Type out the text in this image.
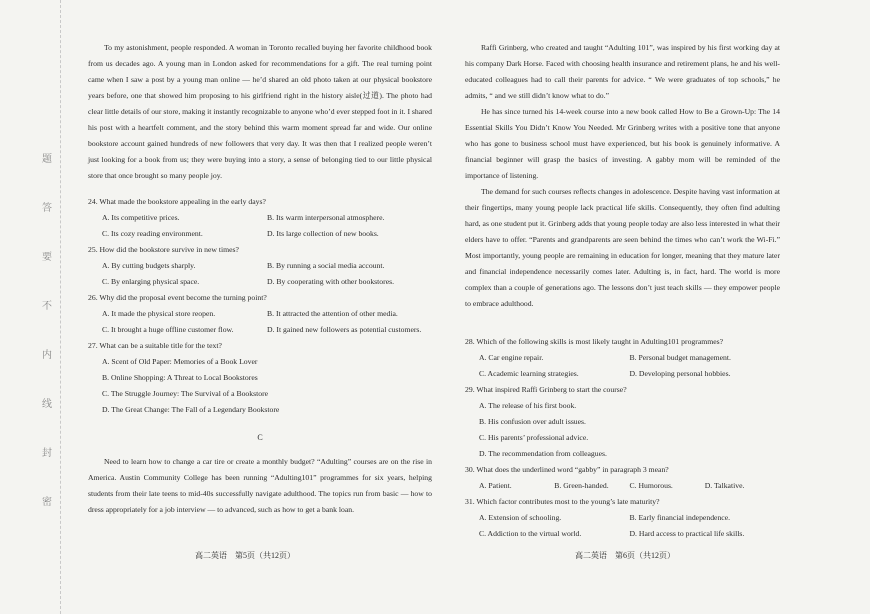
题
答
要
不
内
线
封
密

To my astonishment, people responded. A woman in Toronto recalled buying her favorite childhood book from us decades ago. A young man in London asked for recommendations for a gift. The real turning point came when I saw a post by a young man online — he’d shared an old photo taken at our physical bookstore years before, one that showed him proposing to his girlfriend right in the history aisle(过道). The photo had clear little details of our store, making it instantly recognizable to anyone who’d ever stepped foot in it. I shared his post with a heartfelt comment, and the story behind this warm moment spread far and wide. Our online bookstore account gained hundreds of new followers that very day. It was then that I realized people weren’t just looking for a book from us; they were buying into a story, a sense of belonging tied to our little physical store that once brought so many people joy.

24. What made the bookstore appealing in the early days?
A. Its competitive prices.	B. Its warm interpersonal atmosphere.
C. Its cozy reading environment.	D. Its large collection of new books.
25. How did the bookstore survive in new times?
A. By cutting budgets sharply.	B. By running a social media account.
C. By enlarging physical space.	D. By cooperating with other bookstores.
26. Why did the proposal event become the turning point?
A. It made the physical store reopen.	B. It attracted the attention of other media.
C. It brought a huge offline customer flow.	D. It gained new followers as potential customers.
27. What can be a suitable title for the text?
A. Scent of Old Paper: Memories of a Book Lover
B. Online Shopping: A Threat to Local Bookstores
C. The Struggle Journey: The Survival of a Bookstore
D. The Great Change: The Fall of a Legendary Bookstore
C

Need to learn how to change a car tire or create a monthly budget? “Adulting” courses are on the rise in America. Austin Community College has been running “Adulting101” programmes for six years, helping students from their late teens to mid-40s successfully navigate adulthood. The topics run from basic — how to dress appropriately for a job interview — to advanced, such as how to get a bank loan.

Raffi Grinberg, who created and taught “Adulting 101”, was inspired by his first working day at his company Dark Horse. Faced with choosing health insurance and retirement plans, he and his well-educated colleagues had to call their parents for advice. “ We were graduates of top schools,” he admits, “ and we still didn’t know what to do.”

He has since turned his 14-week course into a new book called How to Be a Grown-Up: The 14 Essential Skills You Didn’t Know You Needed. Mr Grinberg writes with a positive tone that anyone who has gone to business school must have experienced, but his book is genuinely informative. A financial beginner will grasp the basics of investing. A gabby mom will be reminded of the importance of listening.

The demand for such courses reflects changes in adolescence. Despite having vast information at their fingertips, many young people lack practical life skills. Consequently, they often find adulting hard, as one student put it. Grinberg adds that young people today are also less interested in what their elders have to offer. “Parents and grandparents are seen behind the times who can’t work the Wi-Fi.” Most importantly, young people are remaining in education for longer, meaning that they mature later and financial independence necessarily comes later. Adulting is, in fact, hard. The world is more complex than a couple of generations ago. The lessons don’t just teach skills — they empower people to embrace adulthood.

28. Which of the following skills is most likely taught in Adulting101 programmes?
A. Car engine repair.	B. Personal budget management.
C. Academic learning strategies.	D. Developing personal hobbies.
29. What inspired Raffi Grinberg to start the course?
A. The release of his first book.
B. His confusion over adult issues.
C. His parents’ professional advice.
D. The recommendation from colleagues.
30. What does the underlined word “gabby” in paragraph 3 mean?
A. Patient.	B. Green-handed.	C. Humorous.	D. Talkative.
31. Which factor contributes most to the young’s late maturity?
A. Extension of schooling.	B. Early financial independence.
C. Addiction to the virtual world.	D. Hard access to practical life skills.
高二英语　第5页（共12页）	高二英语　第6页（共12页）
